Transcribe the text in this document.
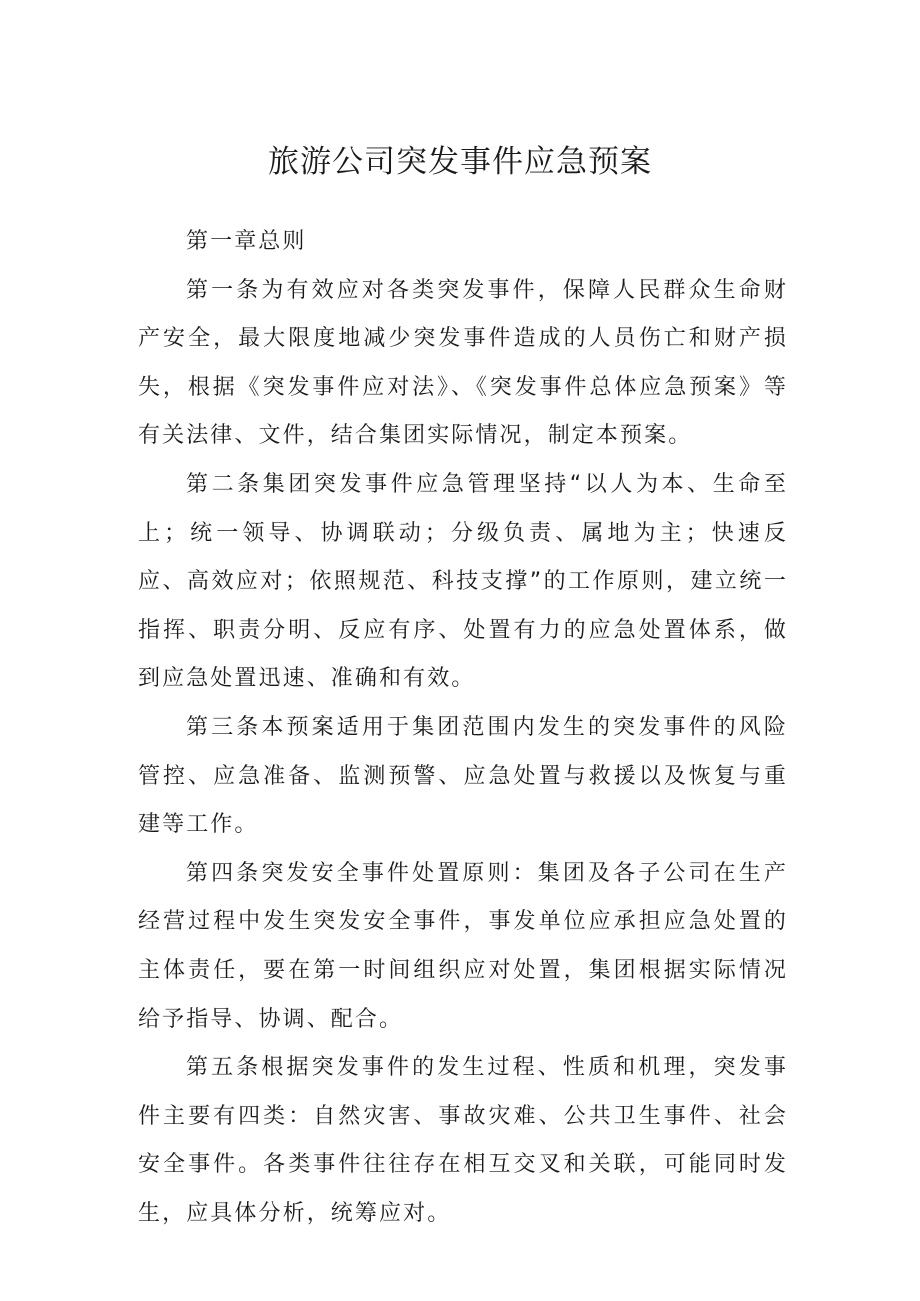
旅游公司突发事件应急预案

第一章总则

第一条为有效应对各类突发事件，保障人民群众生命财产安全，最大限度地减少突发事件造成的人员伤亡和财产损失，根据《突发事件应对法》、《突发事件总体应急预案》等有关法律、文件，结合集团实际情况，制定本预案。

第二条集团突发事件应急管理坚持“以人为本、生命至上；统一领导、协调联动；分级负责、属地为主；快速反应、高效应对；依照规范、科技支撑”的工作原则，建立统一指挥、职责分明、反应有序、处置有力的应急处置体系，做到应急处置迅速、准确和有效。

第三条本预案适用于集团范围内发生的突发事件的风险管控、应急准备、监测预警、应急处置与救援以及恢复与重建等工作。

第四条突发安全事件处置原则：集团及各子公司在生产经营过程中发生突发安全事件，事发单位应承担应急处置的主体责任，要在第一时间组织应对处置，集团根据实际情况给予指导、协调、配合。

第五条根据突发事件的发生过程、性质和机理，突发事件主要有四类：自然灾害、事故灾难、公共卫生事件、社会安全事件。各类事件往往存在相互交叉和关联，可能同时发生，应具体分析，统筹应对。
